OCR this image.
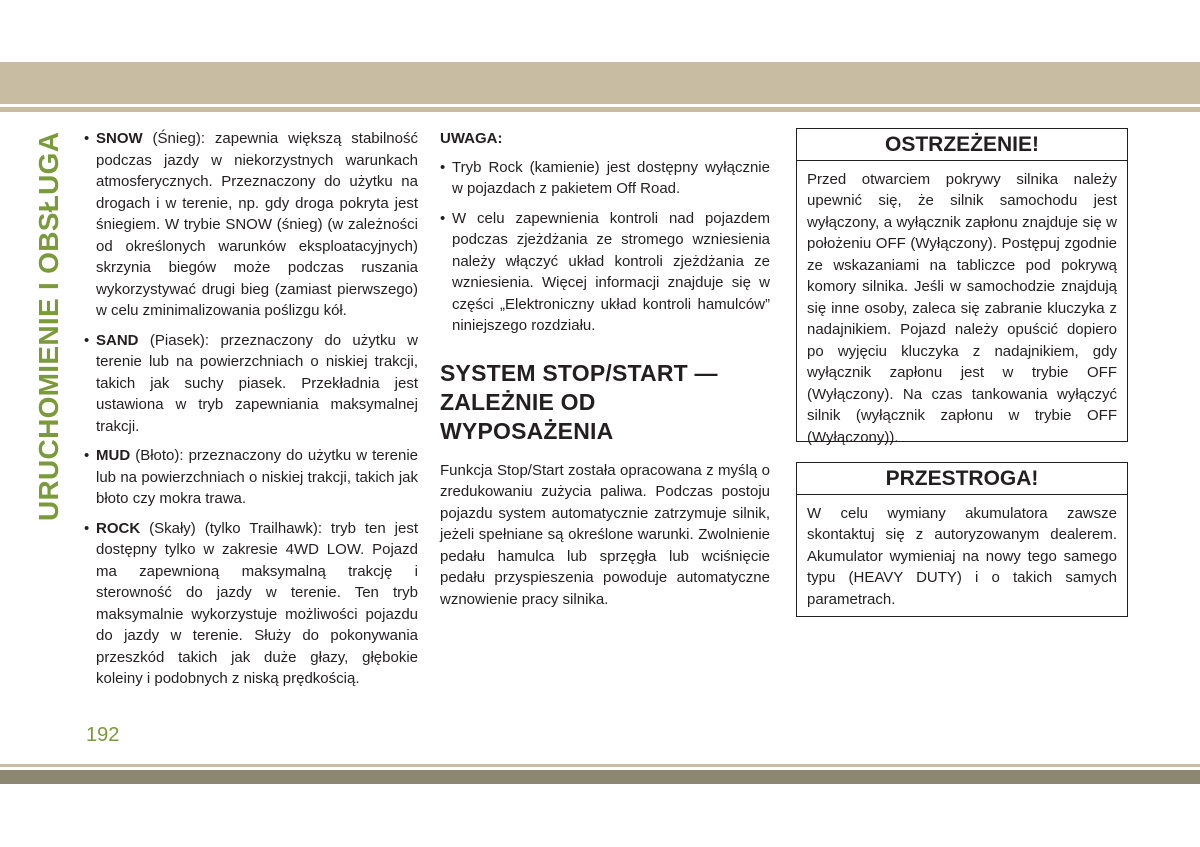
URUCHOMIENIE I OBSŁUGA • SNOW (Śnieg): zapewnia większą stabilność podczas jazdy w niekorzystnych warunkach atmosferycznych. Przeznaczony do użytku na drogach i w terenie, np. gdy droga pokryta jest śniegiem. W trybie SNOW (śnieg) (w zależności od określonych warunków eksploatacyjnych) skrzynia biegów może podczas ruszania wykorzystywać drugi bieg (zamiast pierwszego) w celu zminimalizowania poślizgu kół.
• SAND (Piasek): przeznaczony do użytku w terenie lub na powierzchniach o niskiej trakcji, takich jak suchy piasek. Przekładnia jest ustawiona w tryb zapewniania maksymalnej trakcji.
• MUD (Błoto): przeznaczony do użytku w terenie lub na powierzchniach o niskiej trakcji, takich jak błoto czy mokra trawa.
• ROCK (Skały) (tylko Trailhawk): tryb ten jest dostępny tylko w zakresie 4WD LOW. Pojazd ma zapewnioną maksymalną trakcję i sterowność do jazdy w terenie. Ten tryb maksymalnie wykorzystuje możliwości pojazdu do jazdy w terenie. Służy do pokonywania przeszkód takich jak duże głazy, głębokie koleiny i podobnych z niską prędkością.
UWAGA:
• Tryb Rock (kamienie) jest dostępny wyłącznie w pojazdach z pakietem Off Road.
• W celu zapewnienia kontroli nad pojazdem podczas zjeżdżania ze stromego wzniesienia należy włączyć układ kontroli zjeżdżania ze wzniesienia. Więcej informacji znajduje się w części „Elektroniczny układ kontroli hamulców” niniejszego rozdziału.
SYSTEM STOP/START — ZALEŻNIE OD WYPOSAŻENIA

Funkcja Stop/Start została opracowana z myślą o zredukowaniu zużycia paliwa. Podczas postoju pojazdu system automatycznie zatrzymuje silnik, jeżeli spełniane są określone warunki. Zwolnienie pedału hamulca lub sprzęgła lub wciśnięcie pedału przyspieszenia powoduje automatyczne wznowienie pracy silnika.

OSTRZEŻENIE!
Przed otwarciem pokrywy silnika należy upewnić się, że silnik samochodu jest wyłączony, a wyłącznik zapłonu znajduje się w położeniu OFF (Wyłączony). Postępuj zgodnie ze wskazaniami na tabliczce pod pokrywą komory silnika. Jeśli w samochodzie znajdują się inne osoby, zaleca się zabranie kluczyka z nadajnikiem. Pojazd należy opuścić dopiero po wyjęciu kluczyka z nadajnikiem, gdy wyłącznik zapłonu jest w trybie OFF (Wyłączony). Na czas tankowania wyłączyć silnik (wyłącznik zapłonu w trybie OFF (Wyłączony)).
PRZESTROGA!
W celu wymiany akumulatora zawsze skontaktuj się z autoryzowanym dealerem. Akumulator wymieniaj na nowy tego samego typu (HEAVY DUTY) i o takich samych parametrach.
192
